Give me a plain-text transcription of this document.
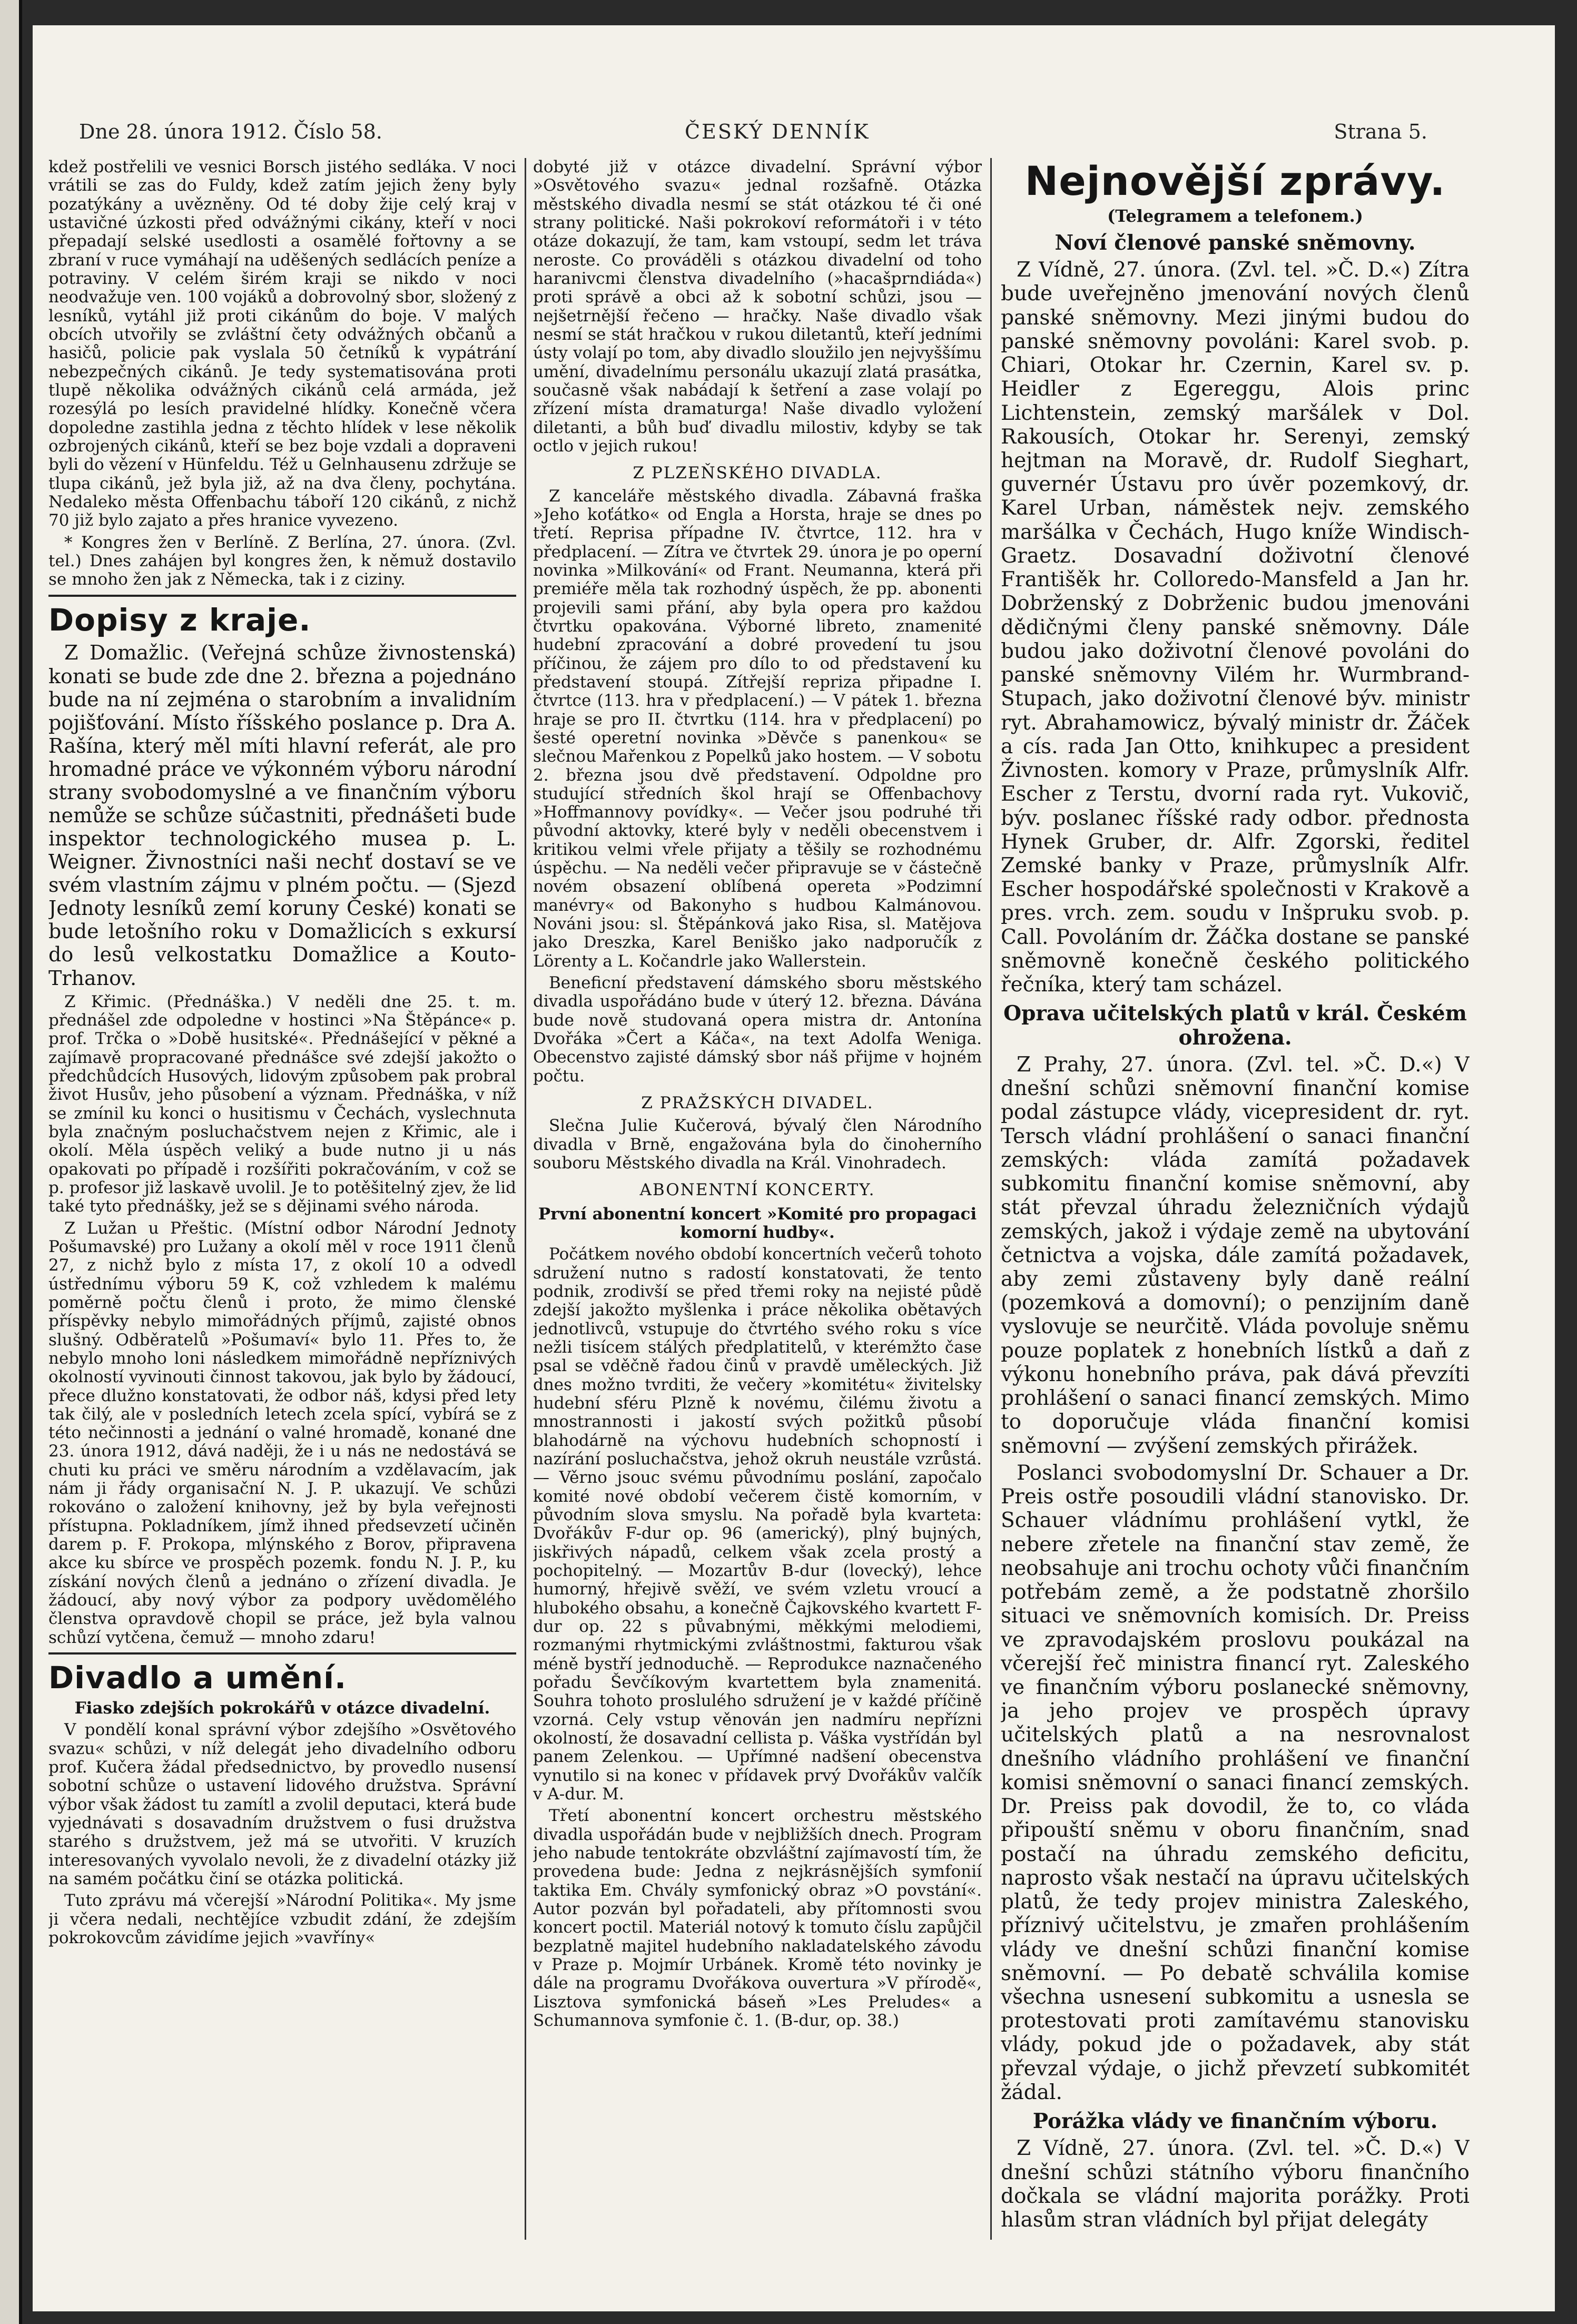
Dne 28. února 1912. Číslo 58.	ČESKÝ DENNÍK	Strana 5.

kdež postřelili ve vesnici Borsch jistého sedláka. V noci vrátili se zas do Fuldy, kdež zatím jejich ženy byly pozatýkány a uvězněny. Od té doby žije celý kraj v ustavičné úzkosti před odvážnými cikány, kteří v noci přepadají selské usedlosti a osamělé fořtovny a se zbraní v ruce vymáhají na uděšených sedlácích peníze a potraviny. V celém širém kraji se nikdo v noci neodvažuje ven. 100 vojáků a dobrovolný sbor, složený z lesníků, vytáhl již proti cikánům do boje. V malých obcích utvořily se zvláštní čety odvážných občanů a hasičů, policie pak vyslala 50 četníků k vypátrání nebezpečných cikánů. Je tedy systematisována proti tlupě několika odvážných cikánů celá armáda, jež rozesýlá po lesích pravidelné hlídky. Konečně včera dopoledne zastihla jedna z těchto hlídek v lese několik ozbrojených cikánů, kteří se bez boje vzdali a dopraveni byli do vězení v Hünfeldu. Též u Gelnhausenu zdržuje se tlupa cikánů, jež byla již, až na dva členy, pochytána. Nedaleko města Offenbachu táboří 120 cikánů, z nichž 70 již bylo zajato a přes hranice vyvezeno.

* Kongres žen v Berlíně. Z Berlína, 27. února. (Zvl. tel.) Dnes zahájen byl kongres žen, k němuž dostavilo se mnoho žen jak z Německa, tak i z ciziny.

Dopisy z kraje.

Z Domažlic. (Veřejná schůze živnostenská) konati se bude zde dne 2. března a pojednáno bude na ní zejména o starobním a invalidním pojišťování. Místo říšského poslance p. Dra A. Rašína, který měl míti hlavní referát, ale pro hromadné práce ve výkonném výboru národní strany svobodomyslné a ve finančním výboru nemůže se schůze súčastniti, přednášeti bude inspektor technologického musea p. L. Weigner. Živnostníci naši nechť dostaví se ve svém vlastním zájmu v plném počtu. — (Sjezd Jednoty lesníků zemí koruny České) konati se bude letošního roku v Domažlicích s exkursí do lesů velkostatku Domažlice a Kouto-Trhanov.

Z Křimic. (Přednáška.) V neděli dne 25. t. m. přednášel zde odpoledne v hostinci »Na Štěpánce« p. prof. Trčka o »Době husitské«. Přednášející v pěkné a zajímavě propracované přednášce své zdejší jakožto o předchůdcích Husových, lidovým způsobem pak probral život Husův, jeho působení a význam. Přednáška, v níž se zmínil ku konci o husitismu v Čechách, vyslechnuta byla značným posluchačstvem nejen z Křimic, ale i okolí. Měla úspěch veliký a bude nutno ji u nás opakovati po případě i rozšířiti pokračováním, v což se p. profesor již laskavě uvolil. Je to potěšitelný zjev, že lid také tyto přednášky, jež se s dějinami svého národa.

Z Lužan u Přeštic. (Místní odbor Národní Jednoty Pošumavské) pro Lužany a okolí měl v roce 1911 členů 27, z nichž bylo z místa 17, z okolí 10 a odvedl ústřednímu výboru 59 K, což vzhledem k malému poměrně počtu členů i proto, že mimo členské příspěvky nebylo mimořádných příjmů, zajisté obnos slušný. Odběratelů »Pošumaví« bylo 11. Přes to, že nebylo mnoho loni následkem mimořádně nepříznivých okolností vyvinouti činnost takovou, jak bylo by žádoucí, přece dlužno konstatovati, že odbor náš, kdysi před lety tak čilý, ale v posledních letech zcela spící, vybírá se z této nečinnosti a jednání o valné hromadě, konané dne 23. února 1912, dává naději, že i u nás ne nedostává se chuti ku práci ve směru národním a vzdělavacím, jak nám ji řády organisační N. J. P. ukazují. Ve schůzi rokováno o založení knihovny, jež by byla veřejnosti přístupna. Pokladníkem, jímž ihned předsevzetí učiněn darem p. F. Prokopa, mlýnského z Borov, připravena akce ku sbírce ve prospěch pozemk. fondu N. J. P., ku získání nových členů a jednáno o zřízení divadla. Je žádoucí, aby nový výbor za podpory uvědomělého členstva opravdově chopil se práce, jež byla valnou schůzí vytčena, čemuž — mnoho zdaru!

Divadlo a umění.
Fiasko zdejších pokrokářů v otázce divadelní.

V pondělí konal správní výbor zdejšího »Osvětového svazu« schůzi, v níž delegát jeho divadelního odboru prof. Kučera žádal předsednictvo, by provedlo nusensí sobotní schůze o ustavení lidového družstva. Správní výbor však žádost tu zamítl a zvolil deputaci, která bude vyjednávati s dosavadním družstvem o fusi družstva starého s družstvem, jež má se utvořiti. V kruzích interesovaných vyvolalo nevoli, že z divadelní otázky již na samém počátku činí se otázka politická.

Tuto zprávu má včerejší »Národní Politika«. My jsme ji včera nedali, nechtějíce vzbudit zdání, že zdejším pokrokovcům závidíme jejich »vavříny«

dobyté již v otázce divadelní. Správní výbor »Osvětového svazu« jednal rozšafně. Otázka městského divadla nesmí se stát otázkou té či oné strany politické. Naši pokrokoví reformátoři i v této otáze dokazují, že tam, kam vstoupí, sedm let tráva neroste. Co prováděli s otázkou divadelní od toho haranivcmi členstva divadelního (»hacašprndiáda«) proti správě a obci až k sobotní schůzi, jsou — nejšetrnější řečeno — hračky. Naše divadlo však nesmí se stát hračkou v rukou diletantů, kteří jedními ústy volají po tom, aby divadlo sloužilo jen nejvyššímu umění, divadelnímu personálu ukazují zlatá prasátka, současně však nabádají k šetření a zase volají po zřízení místa dramaturga! Naše divadlo vyložení diletanti, a bůh buď divadlu milostiv, kdyby se tak octlo v jejich rukou!

Z PLZEŇSKÉHO DIVADLA.

Z kanceláře městského divadla. Zábavná fraška »Jeho koťátko« od Engla a Horsta, hraje se dnes po třetí. Reprisa případne IV. čtvrtce, 112. hra v předplacení. — Zítra ve čtvrtek 29. února je po operní novinka »Milkování« od Frant. Neumanna, která při premiéře měla tak rozhodný úspěch, že pp. abonenti projevili sami přání, aby byla opera pro každou čtvrtku opakována. Výborné libreto, znamenité hudební zpracování a dobré provedení tu jsou příčinou, že zájem pro dílo to od představení ku představení stoupá. Zítřejší repriza připadne I. čtvrtce (113. hra v předplacení.) — V pátek 1. března hraje se pro II. čtvrtku (114. hra v předplacení) po šesté operetní novinka »Děvče s panenkou« se slečnou Mařenkou z Popelků jako hostem. — V sobotu 2. března jsou dvě představení. Odpoldne pro studující středních škol hrají se Offenbachovy »Hoffmannovy povídky«. — Večer jsou podruhé tři původní aktovky, které byly v neděli obecenstvem i kritikou velmi vřele přijaty a těšily se rozhodnému úspěchu. — Na neděli večer připravuje se v částečně novém obsazení oblíbená opereta »Podzimní manévry« od Bakonyho s hudbou Kalmánovou. Nováni jsou: sl. Štěpánková jako Risa, sl. Matějova jako Dreszka, Karel Beniško jako nadporučík z Lörenty a L. Kočandrle jako Wallerstein.

Beneficní představení dámského sboru městského divadla uspořádáno bude v úterý 12. března. Dávána bude nově studovaná opera mistra dr. Antonína Dvořáka »Čert a Káča«, na text Adolfa Weniga. Obecenstvo zajisté dámský sbor náš přijme v hojném počtu.

Z PRAŽSKÝCH DIVADEL.

Slečna Julie Kučerová, bývalý člen Národního divadla v Brně, engažována byla do činoherního souboru Městského divadla na Král. Vinohradech.

ABONENTNÍ KONCERTY.
První abonentní koncert »Komité pro propagaci komorní hudby«.

Počátkem nového období koncertních večerů tohoto sdružení nutno s radostí konstatovati, že tento podnik, zrodivší se před třemi roky na nejisté půdě zdejší jakožto myšlenka i práce několika obětavých jednotlivců, vstupuje do čtvrtého svého roku s více nežli tisícem stálých předplatitelů, v kterémžto čase psal se vděčně řadou činů v pravdě uměleckých. Již dnes možno tvrditi, že večery »komitétu« živitelsky hudební sféru Plzně k novému, čilému životu a mnostrannosti i jakostí svých požitků působí blahodárně na výchovu hudebních schopností i nazírání posluchačstva, jehož okruh neustále vzrůstá. — Věrno jsouc svému původnímu poslání, započalo komité nové období večerem čistě komorním, v původním slova smyslu. Na pořadě byla kvarteta: Dvořákův F-dur op. 96 (americký), plný bujných, jiskřivých nápadů, celkem však zcela prostý a pochopitelný. — Mozartův B-dur (lovecký), lehce humorný, hřejivě svěží, ve svém vzletu vroucí a hlubokého obsahu, a konečně Čajkovského kvartett F-dur op. 22 s půvabnými, měkkými melodiemi, rozmanými rhytmickými zvláštnostmi, fakturou však méně bystří jednoduchě. — Reprodukce naznačeného pořadu Ševčíkovým kvartettem byla znamenitá. Souhra tohoto proslulého sdružení je v každé příčině vzorná. Cely vstup věnován jen nadmíru nepřízni okolností, že dosavadní cellista p. Váška vystřídán byl panem Zelenkou. — Upřímné nadšení obecenstva vynutilo si na konec v přídavek prvý Dvořákův valčík v A-dur. M.

Třetí abonentní koncert orchestru městského divadla uspořádán bude v nejbližších dnech. Program jeho nabude tentokráte obzvláštní zajímavostí tím, že provedena bude: Jedna z nejkrásnějších symfonií taktika Em. Chvály symfonický obraz »O povstání«. Autor pozván byl pořadateli, aby přítomnosti svou koncert poctil. Materiál notový k tomuto číslu zapůjčil bezplatně majitel hudebního nakladatelského závodu v Praze p. Mojmír Urbánek. Kromě této novinky je dále na programu Dvořákova ouvertura »V přírodě«, Lisztova symfonická báseň »Les Preludes« a Schumannova symfonie č. 1. (B-dur, op. 38.)

Nejnovější zprávy.
(Telegramem a telefonem.)
Noví členové panské sněmovny.

Z Vídně, 27. února. (Zvl. tel. »Č. D.«) Zítra bude uveřejněno jmenování nových členů panské sněmovny. Mezi jinými budou do panské sněmovny povoláni: Karel svob. p. Chiari, Otokar hr. Czernin, Karel sv. p. Heidler z Egereggu, Alois princ Lichtenstein, zemský maršálek v Dol. Rakousích, Otokar hr. Serenyi, zemský hejtman na Moravě, dr. Rudolf Sieghart, guvernér Ústavu pro úvěr pozemkový, dr. Karel Urban, náměstek nejv. zemského maršálka v Čechách, Hugo kníže Windisch-Graetz. Dosavadní doživotní členové Františěk hr. Colloredo-Mansfeld a Jan hr. Dobrženský z Dobrženic budou jmenováni dědičnými členy panské sněmovny. Dále budou jako doživotní členové povoláni do panské sněmovny Vilém hr. Wurmbrand-Stupach, jako doživotní členové býv. ministr ryt. Abrahamowicz, bývalý ministr dr. Žáček a cís. rada Jan Otto, knihkupec a president Živnosten. komory v Praze, průmyslník Alfr. Escher z Terstu, dvorní rada ryt. Vukovič, býv. poslanec říšské rady odbor. přednosta Hynek Gruber, dr. Alfr. Zgorski, ředitel Zemské banky v Praze, průmyslník Alfr. Escher hospodářské společnosti v Krakově a pres. vrch. zem. soudu v Inšpruku svob. p. Call. Povoláním dr. Žáčka dostane se panské sněmovně konečně českého politického řečníka, který tam scházel.

Oprava učitelských platů v král. Českém ohrožena.

Z Prahy, 27. února. (Zvl. tel. »Č. D.«) V dnešní schůzi sněmovní finanční komise podal zástupce vlády, vicepresident dr. ryt. Tersch vládní prohlášení o sanaci finanční zemských: vláda zamítá požadavek subkomitu finanční komise sněmovní, aby stát převzal úhradu železničních výdajů zemských, jakož i výdaje země na ubytování četnictva a vojska, dále zamítá požadavek, aby zemi zůstaveny byly daně reální (pozemková a domovní); o penzijním daně vyslovuje se neurčitě. Vláda povoluje sněmu pouze poplatek z honebních lístků a daň z výkonu honebního práva, pak dává převzíti prohlášení o sanaci financí zemských. Mimo to doporučuje vláda finanční komisi sněmovní — zvýšení zemských přirážek.

Poslanci svobodomyslní Dr. Schauer a Dr. Preis ostře posoudili vládní stanovisko. Dr. Schauer vládnímu prohlášení vytkl, že nebere zřetele na finanční stav země, že neobsahuje ani trochu ochoty vůči finančním potřebám země, a že podstatně zhoršilo situaci ve sněmovních komisích. Dr. Preiss ve zpravodajském proslovu poukázal na včerejší řeč ministra financí ryt. Zaleského ve finančním výboru poslanecké sněmovny, ja jeho projev ve prospěch úpravy učitelských platů a na nesrovnalost dnešního vládního prohlášení ve finanční komisi sněmovní o sanaci financí zemských. Dr. Preiss pak dovodil, že to, co vláda připouští sněmu v oboru finančním, snad postačí na úhradu zemského deficitu, naprosto však nestačí na úpravu učitelských platů, že tedy projev ministra Zaleského, příznivý učitelstvu, je zmařen prohlášením vlády ve dnešní schůzi finanční komise sněmovní. — Po debatě schválila komise všechna usnesení subkomitu a usnesla se protestovati proti zamítavému stanovisku vlády, pokud jde o požadavek, aby stát převzal výdaje, o jichž převzetí subkomitét žádal.

Porážka vlády ve finančním výboru.

Z Vídně, 27. února. (Zvl. tel. »Č. D.«) V dnešní schůzi státního výboru finančního dočkala se vládní majorita porážky. Proti hlasům stran vládních byl přijat delegáty
